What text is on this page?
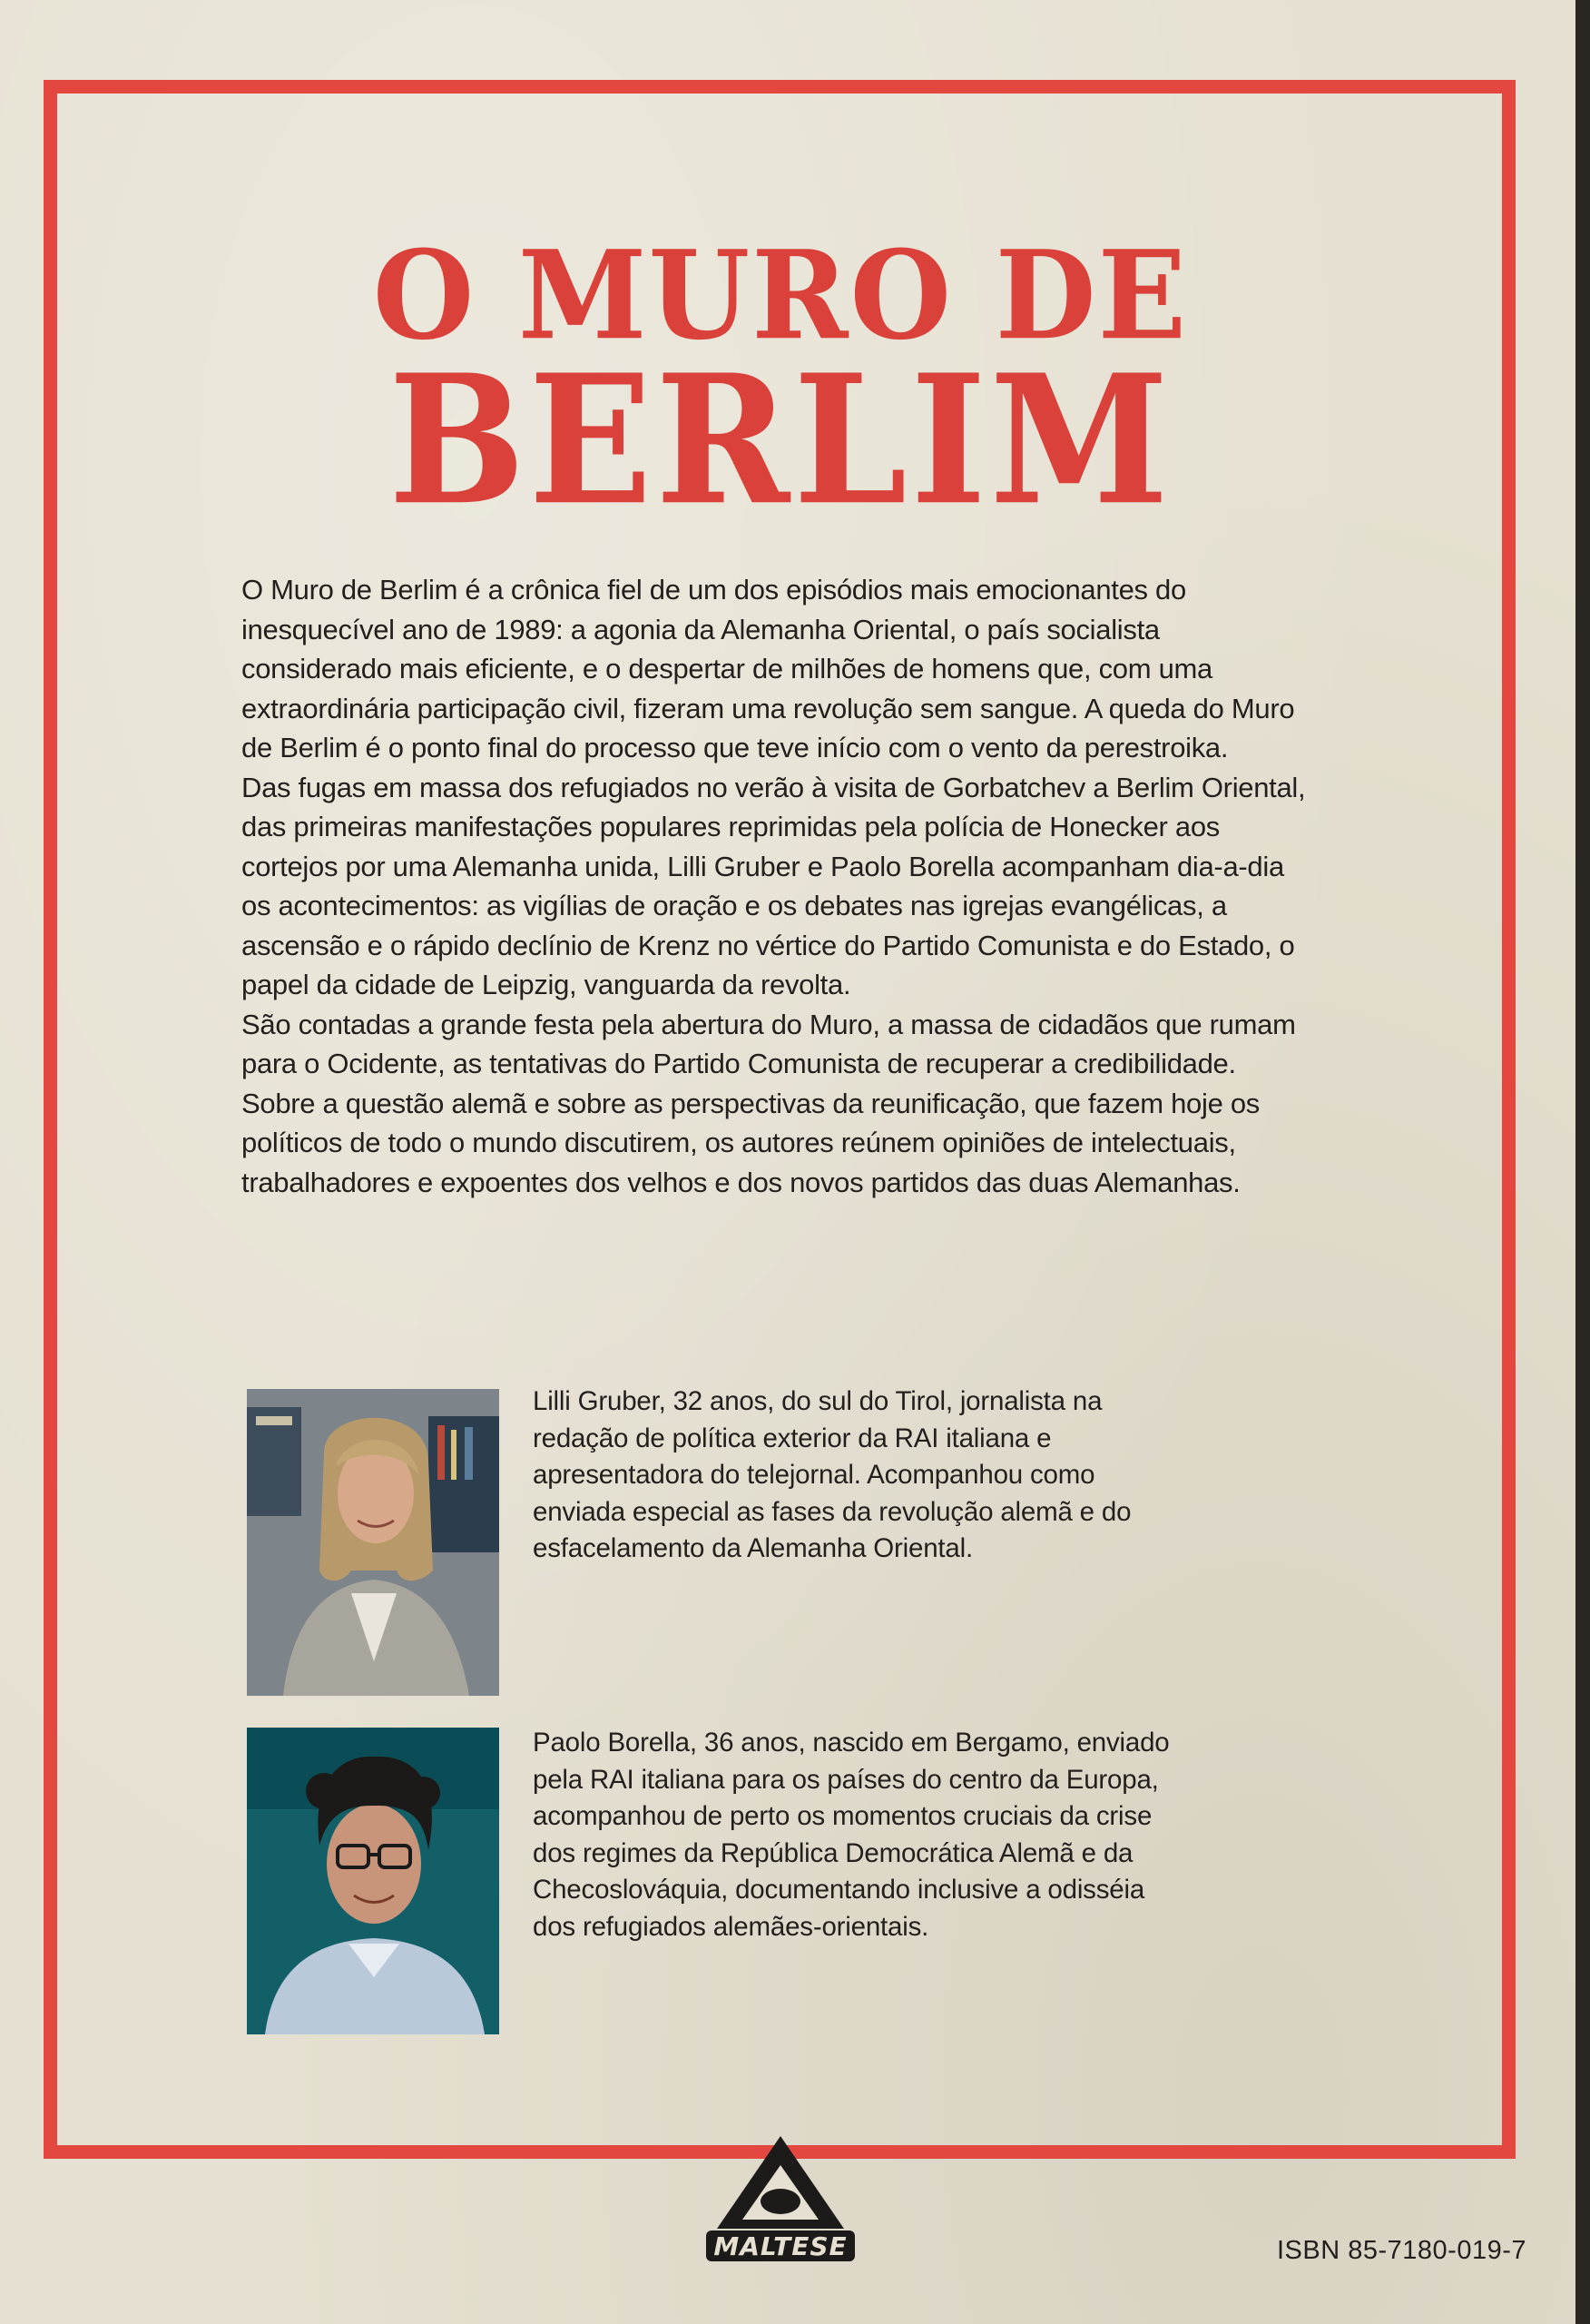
O MURO DE
BERLIM

O Muro de Berlim é a crônica fiel de um dos episódios mais emocionantes do inesquecível ano de 1989: a agonia da Alemanha Oriental, o país socialista considerado mais eficiente, e o despertar de milhões de homens que, com uma extraordinária participação civil, fizeram uma revolução sem sangue. A queda do Muro de Berlim é o ponto final do processo que teve início com o vento da perestroika.

Das fugas em massa dos refugiados no verão à visita de Gorbatchev a Berlim Oriental, das primeiras manifestações populares reprimidas pela polícia de Honecker aos cortejos por uma Alemanha unida, Lilli Gruber e Paolo Borella acompanham dia-a-dia os acontecimentos: as vigílias de oração e os debates nas igrejas evangélicas, a ascensão e o rápido declínio de Krenz no vértice do Partido Comunista e do Estado, o papel da cidade de Leipzig, vanguarda da revolta.

São contadas a grande festa pela abertura do Muro, a massa de cidadãos que rumam para o Ocidente, as tentativas do Partido Comunista de recuperar a credibilidade.

Sobre a questão alemã e sobre as perspectivas da reunificação, que fazem hoje os políticos de todo o mundo discutirem, os autores reúnem opiniões de intelectuais, trabalhadores e expoentes dos velhos e dos novos partidos das duas Alemanhas.

Lilli Gruber, 32 anos, do sul do Tirol, jornalista na redação de política exterior da RAI italiana e apresentadora do telejornal. Acompanhou como enviada especial as fases da revolução alemã e do esfacelamento da Alemanha Oriental.
Paolo Borella, 36 anos, nascido em Bergamo, enviado pela RAI italiana para os países do centro da Europa, acompanhou de perto os momentos cruciais da crise dos regimes da República Democrática Alemã e da Checoslováquia, documentando inclusive a odisséia dos refugiados alemães-orientais.
MALTESE	ISBN 85-7180-019-7
